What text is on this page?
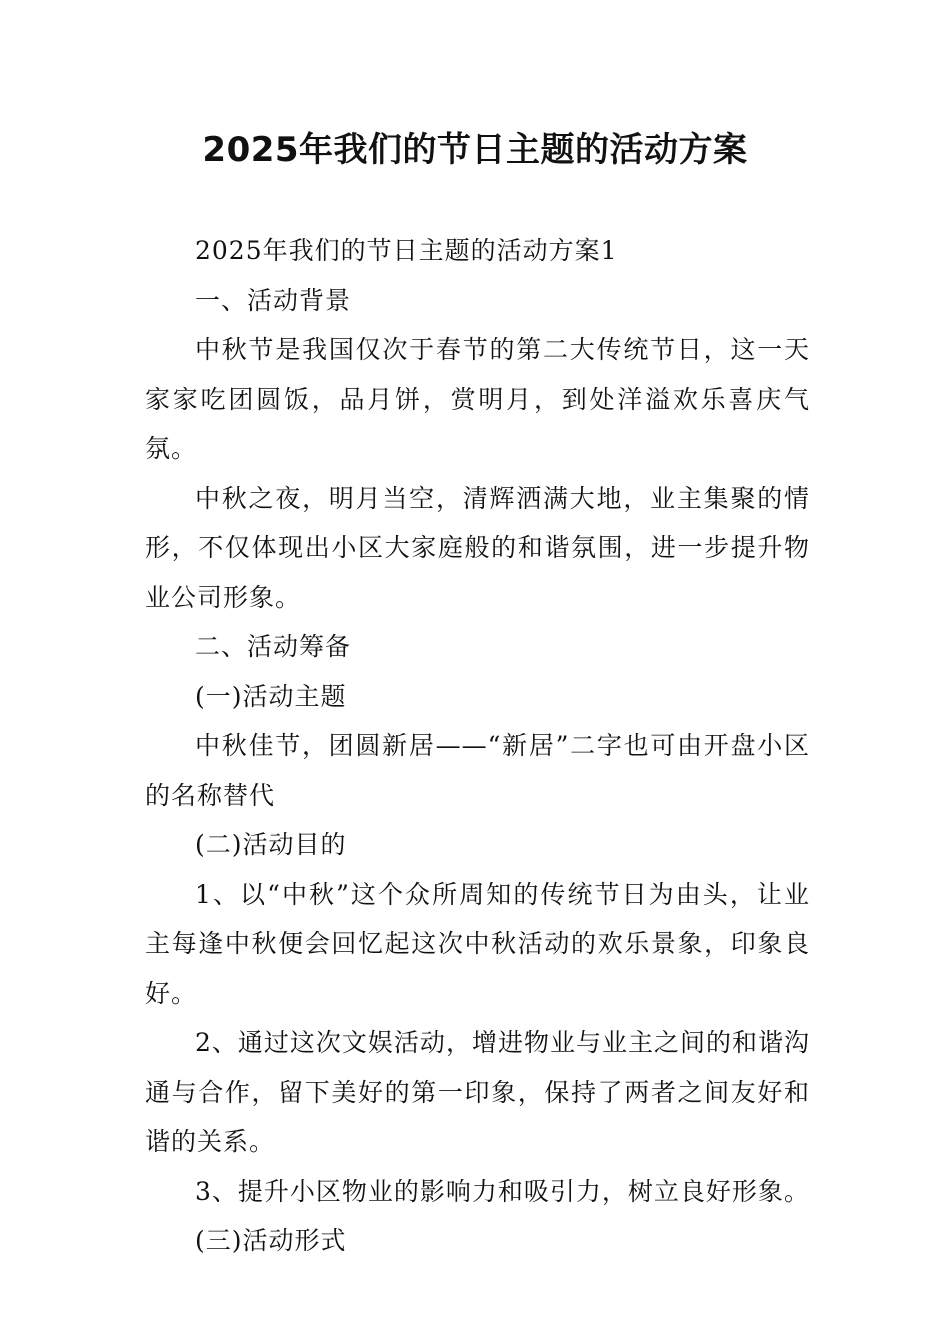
2025年我们的节日主题的活动方案

2025年我们的节日主题的活动方案1

一、活动背景

中秋节是我国仅次于春节的第二大传统节日，这一天家家吃团圆饭，品月饼，赏明月，到处洋溢欢乐喜庆气氛。

中秋之夜，明月当空，清辉洒满大地，业主集聚的情形，不仅体现出小区大家庭般的和谐氛围，进一步提升物业公司形象。

二、活动筹备

(一)活动主题

中秋佳节，团圆新居——“新居”二字也可由开盘小区的名称替代

(二)活动目的

1、以“中秋”这个众所周知的传统节日为由头，让业主每逢中秋便会回忆起这次中秋活动的欢乐景象，印象良好。

2、通过这次文娱活动，增进物业与业主之间的和谐沟通与合作，留下美好的第一印象，保持了两者之间友好和谐的关系。

3、提升小区物业的影响力和吸引力，树立良好形象。

(三)活动形式
